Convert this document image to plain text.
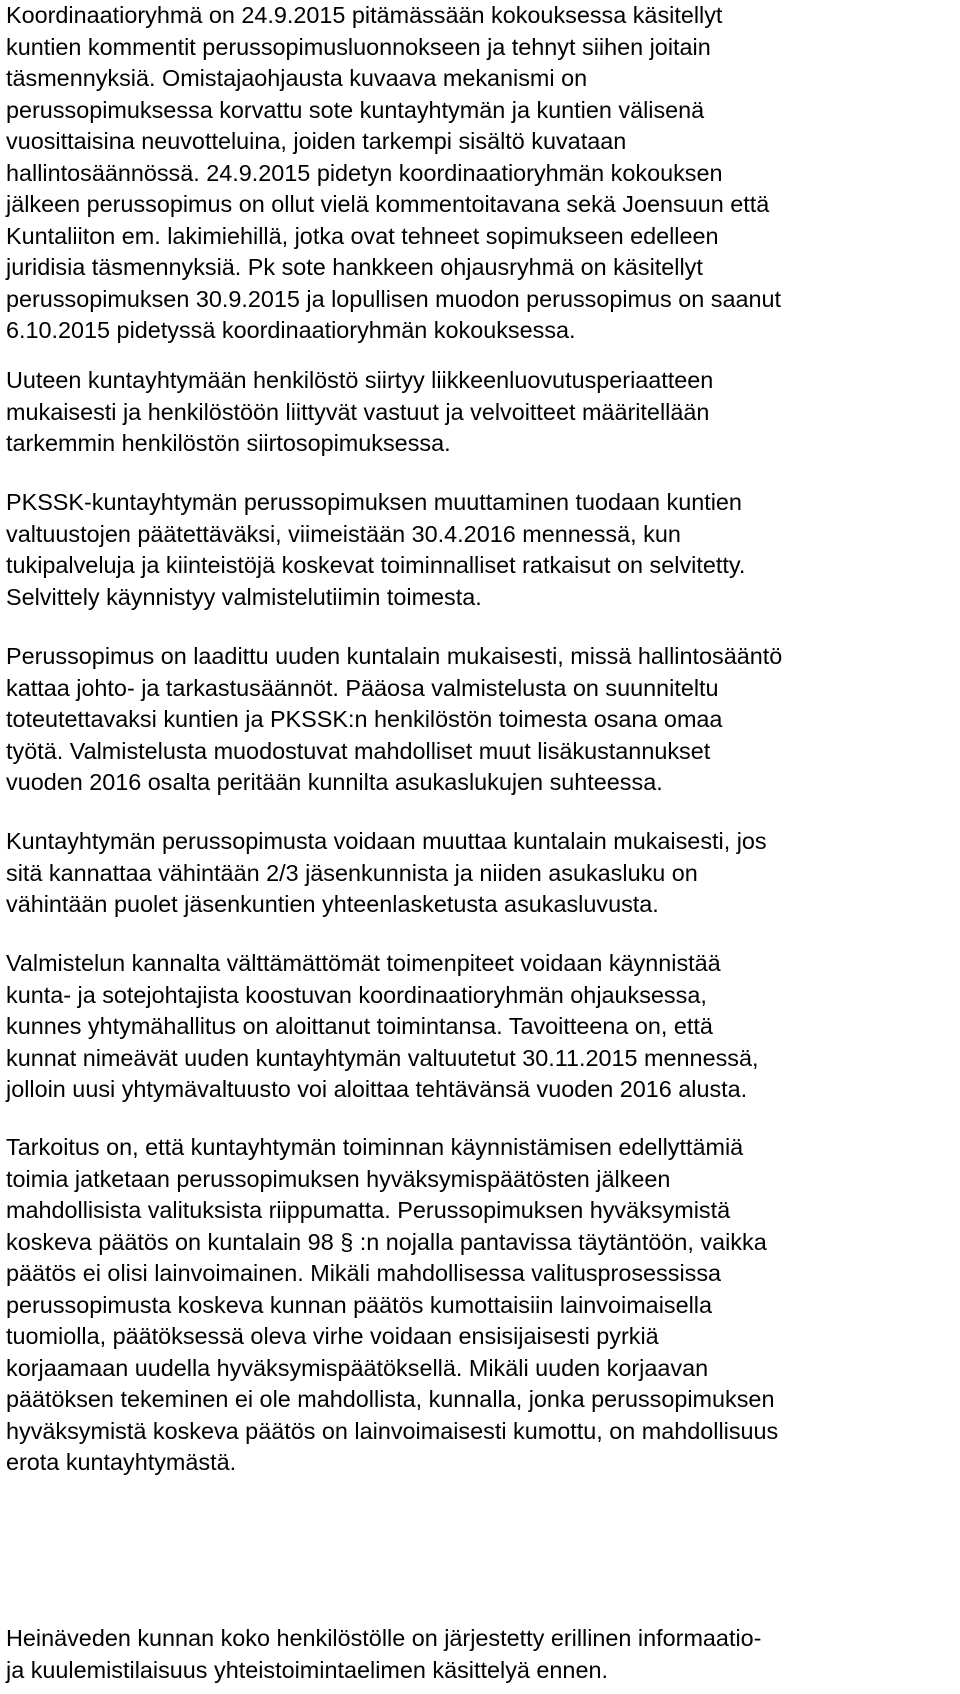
Koordinaatioryhmä on 24.9.2015 pitämässään kokouksessa käsitellyt
kuntien kommentit perussopimusluonnokseen ja tehnyt siihen joitain
täsmennyksiä. Omistajaohjausta kuvaava mekanismi on
perussopimuksessa korvattu sote kuntayhtymän ja kuntien välisenä
vuosittaisina neuvotteluina, joiden tarkempi sisältö kuvataan
hallintosäännössä. 24.9.2015 pidetyn koordinaatioryhmän kokouksen
jälkeen perussopimus on ollut vielä kommentoitavana sekä Joensuun että
Kuntaliiton em. lakimiehillä, jotka ovat tehneet sopimukseen edelleen
juridisia täsmennyksiä. Pk sote hankkeen ohjausryhmä on käsitellyt
perussopimuksen 30.9.2015 ja lopullisen muodon perussopimus on saanut
6.10.2015 pidetyssä koordinaatioryhmän kokouksessa.

Uuteen kuntayhtymään henkilöstö siirtyy liikkeenluovutusperiaatteen
mukaisesti ja henkilöstöön liittyvät vastuut ja velvoitteet määritellään
tarkemmin henkilöstön siirtosopimuksessa.

PKSSK-kuntayhtymän perussopimuksen muuttaminen tuodaan kuntien
valtuustojen päätettäväksi, viimeistään 30.4.2016 mennessä, kun
tukipalveluja ja kiinteistöjä koskevat toiminnalliset ratkaisut on selvitetty.
Selvittely käynnistyy valmistelutiimin toimesta.

Perussopimus on laadittu uuden kuntalain mukaisesti, missä hallintosääntö
kattaa johto- ja tarkastusäännöt. Pääosa valmistelusta on suunniteltu
toteutettavaksi kuntien ja PKSSK:n henkilöstön toimesta osana omaa
työtä. Valmistelusta muodostuvat mahdolliset muut lisäkustannukset
vuoden 2016 osalta peritään kunnilta asukaslukujen suhteessa.

Kuntayhtymän perussopimusta voidaan muuttaa kuntalain mukaisesti, jos
sitä kannattaa vähintään 2/3 jäsenkunnista ja niiden asukasluku on
vähintään puolet jäsenkuntien yhteenlasketusta asukasluvusta.

Valmistelun kannalta välttämättömät toimenpiteet voidaan käynnistää
kunta- ja sotejohtajista koostuvan koordinaatioryhmän ohjauksessa,
kunnes yhtymähallitus on aloittanut toimintansa. Tavoitteena on, että
kunnat nimeävät uuden kuntayhtymän valtuutetut 30.11.2015 mennessä,
jolloin uusi yhtymävaltuusto voi aloittaa tehtävänsä vuoden 2016 alusta.

Tarkoitus on, että kuntayhtymän toiminnan käynnistämisen edellyttämiä
toimia jatketaan perussopimuksen hyväksymispäätösten jälkeen
mahdollisista valituksista riippumatta. Perussopimuksen hyväksymistä
koskeva päätös on kuntalain 98 § :n nojalla pantavissa täytäntöön, vaikka
päätös ei olisi lainvoimainen. Mikäli mahdollisessa valitusprosessissa
perussopimusta koskeva kunnan päätös kumottaisiin lainvoimaisella
tuomiolla, päätöksessä oleva virhe voidaan ensisijaisesti pyrkiä
korjaamaan uudella hyväksymispäätöksellä. Mikäli uuden korjaavan
päätöksen tekeminen ei ole mahdollista, kunnalla, jonka perussopimuksen
hyväksymistä koskeva päätös on lainvoimaisesti kumottu, on mahdollisuus
erota kuntayhtymästä.

Heinäveden kunnan koko henkilöstölle on järjestetty erillinen informaatio-
ja kuulemistilaisuus yhteistoimintaelimen käsittelyä ennen.
